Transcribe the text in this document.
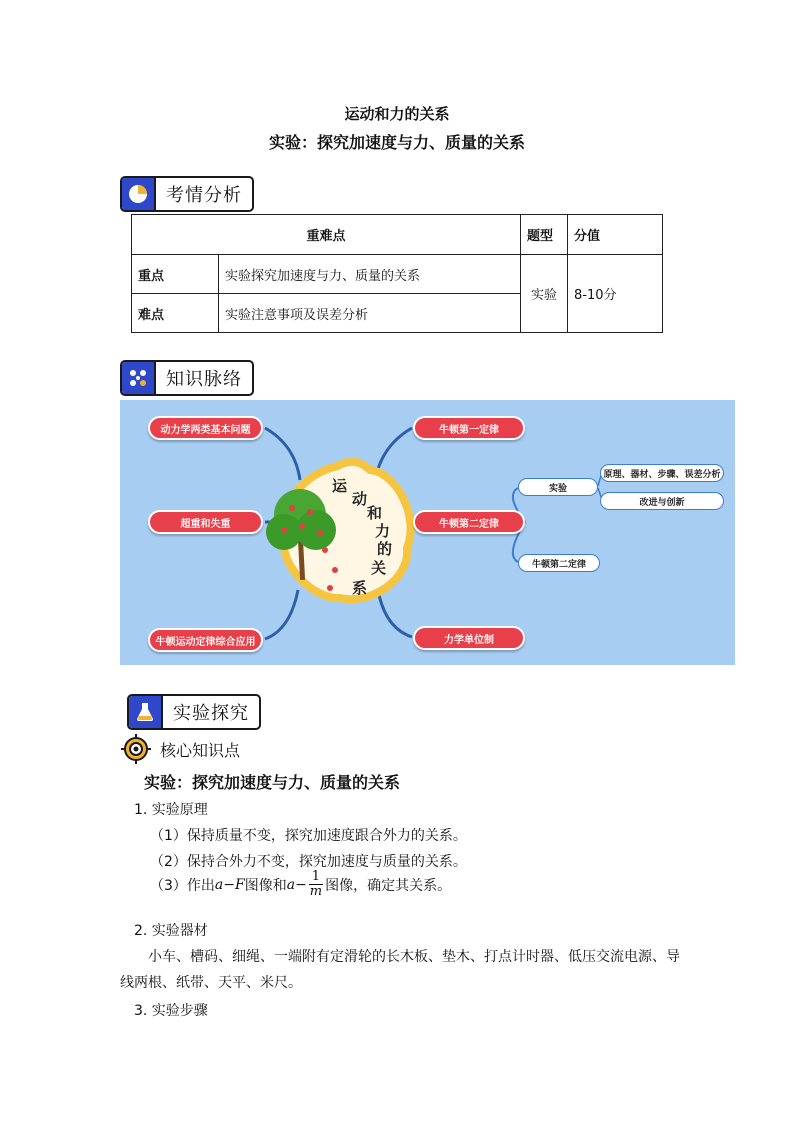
运动和力的关系
实验：探究加速度与力、质量的关系
考情分析
重难点		题型	分值
重点	实验探究加速度与力、质量的关系	实验	8-10分
难点	实验注意事项及误差分析		
知识脉络
运
动
和
力
的
关
系
动力学两类基本问题
超重和失重
牛顿运动定律综合应用
牛顿第一定律
牛顿第二定律
力学单位制
实验
原理、器材、步骤、误差分析
改进与创新
牛顿第二定律
实验探究
核心知识点
实验：探究加速度与力、质量的关系
1. 实验原理
（1）保持质量不变，探究加速度跟合外力的关系。
（2）保持合外力不变，探究加速度与质量的关系。
（3）作出 a−F 图像和 $a- \frac{1}{m}$ 图像，确定其关系。
2. 实验器材
小车、槽码、细绳、一端附有定滑轮的长木板、垫木、打点计时器、低压交流电源、导
线两根、纸带、天平、米尺。
3. 实验步骤
